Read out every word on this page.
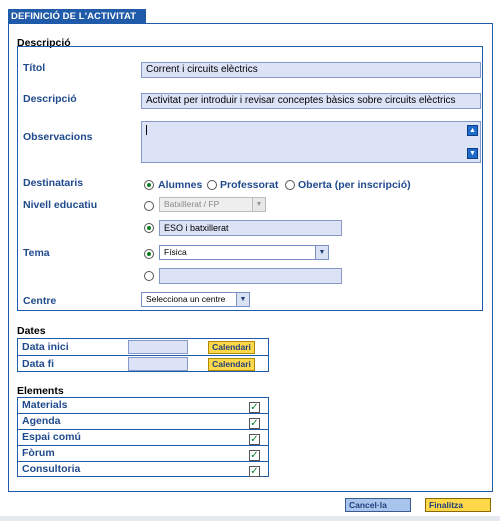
DEFINICIÓ DE L'ACTIVITAT
Descripció
Títol	Corrent i circuits elèctrics
Descripció	Activitat per introduir i revisar conceptes bàsics sobre circuits elèctrics
Observacions
▲
▼
Destinataris	Alumnes Professorat Oberta (per inscripció)
Nivell educatiu	Batxillerat / FP	▼
ESO i batxillerat
Tema	Física	▼
Centre	Selecciona un centre	▼
Dates
Data inici	Calendari
Data fi	Calendari
Elements
Materials	✓
Agenda	✓
Espai comú	✓
Fòrum	✓
Consultoria	✓
Cancel·la	Finalitza
